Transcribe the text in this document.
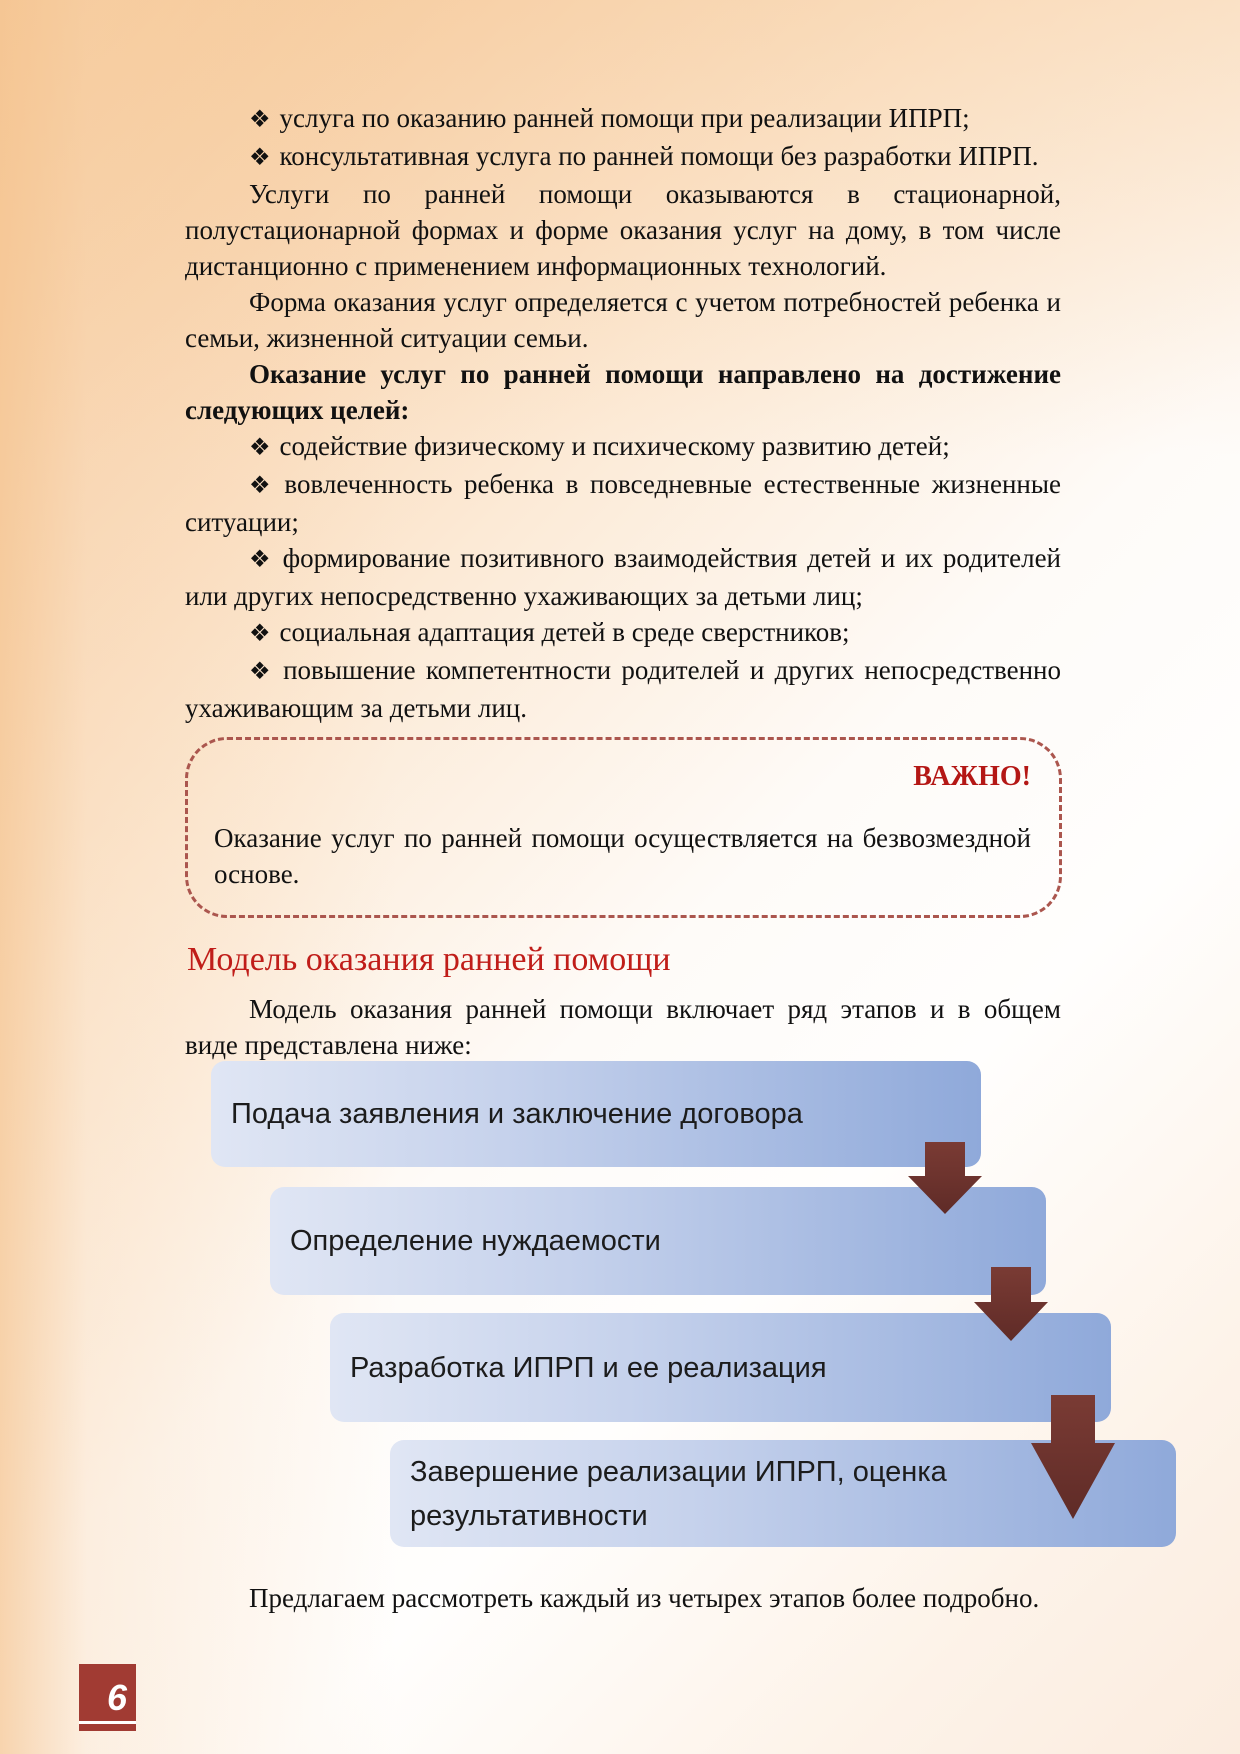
❖ услуга по оказанию ранней помощи при реализации ИПРП;

❖ консультативная услуга по ранней помощи без разработки ИПРП.

Услуги по ранней помощи оказываются в стационарной, полустационарной формах и форме оказания услуг на дому, в том числе дистанционно с применением информационных технологий.

Форма оказания услуг определяется с учетом потребностей ребенка и семьи, жизненной ситуации семьи.

Оказание услуг по ранней помощи направлено на достижение следующих целей:

❖ содействие физическому и психическому развитию детей;

❖ вовлеченность ребенка в повседневные естественные жизненные ситуации;

❖ формирование позитивного взаимодействия детей и их родителей или других непосредственно ухаживающих за детьми лиц;

❖ социальная адаптация детей в среде сверстников;

❖ повышение компетентности родителей и других непосредственно ухаживающим за детьми лиц.

ВАЖНО!

Оказание услуг по ранней помощи осуществляется на безвозмездной основе.

Модель оказания ранней помощи

Модель оказания ранней помощи включает ряд этапов и в общем виде представлена ниже:

Подача заявления и заключение договора
Определение нуждаемости
Разработка ИПРП и ее реализация
Завершение реализации ИПРП, оценка результативности

Предлагаем рассмотреть каждый из четырех этапов более подробно.

6
